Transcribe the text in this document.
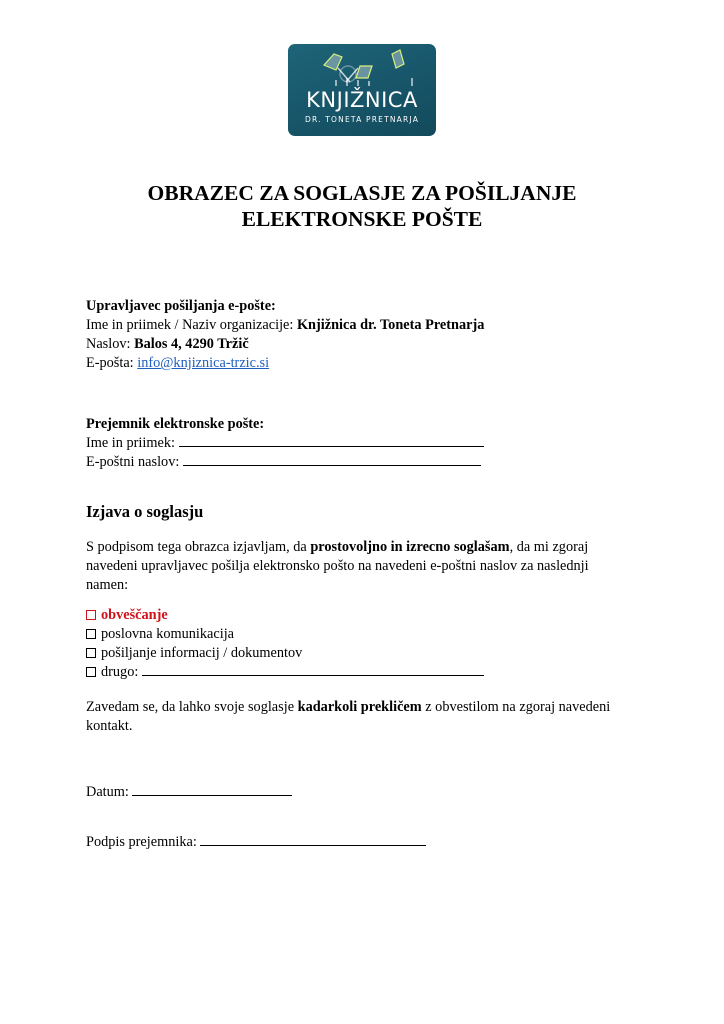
KNJIŽNICA
DR. TONETA PRETNARJA
OBRAZEC ZA SOGLASJE ZA POŠILJANJE
ELEKTRONSKE POŠTE

Upravljavec pošiljanja e-pošte:

Ime in priimek / Naziv organizacije: Knjižnica dr. Toneta Pretnarja

Naslov: Balos 4, 4290 Tržič

E-pošta: info@knjiznica-trzic.si

Prejemnik elektronske pošte:

Ime in priimek:

E-poštni naslov:

Izjava o soglasju

S podpisom tega obrazca izjavljam, da prostovoljno in izrecno soglašam, da mi zgoraj navedeni upravljavec pošilja elektronsko pošto na navedeni e-poštni naslov za naslednji namen:

obveščanje

poslovna komunikacija

pošiljanje informacij / dokumentov

drugo:

Zavedam se, da lahko svoje soglasje kadarkoli prekličem z obvestilom na zgoraj navedeni kontakt.

Datum:

Podpis prejemnika:
